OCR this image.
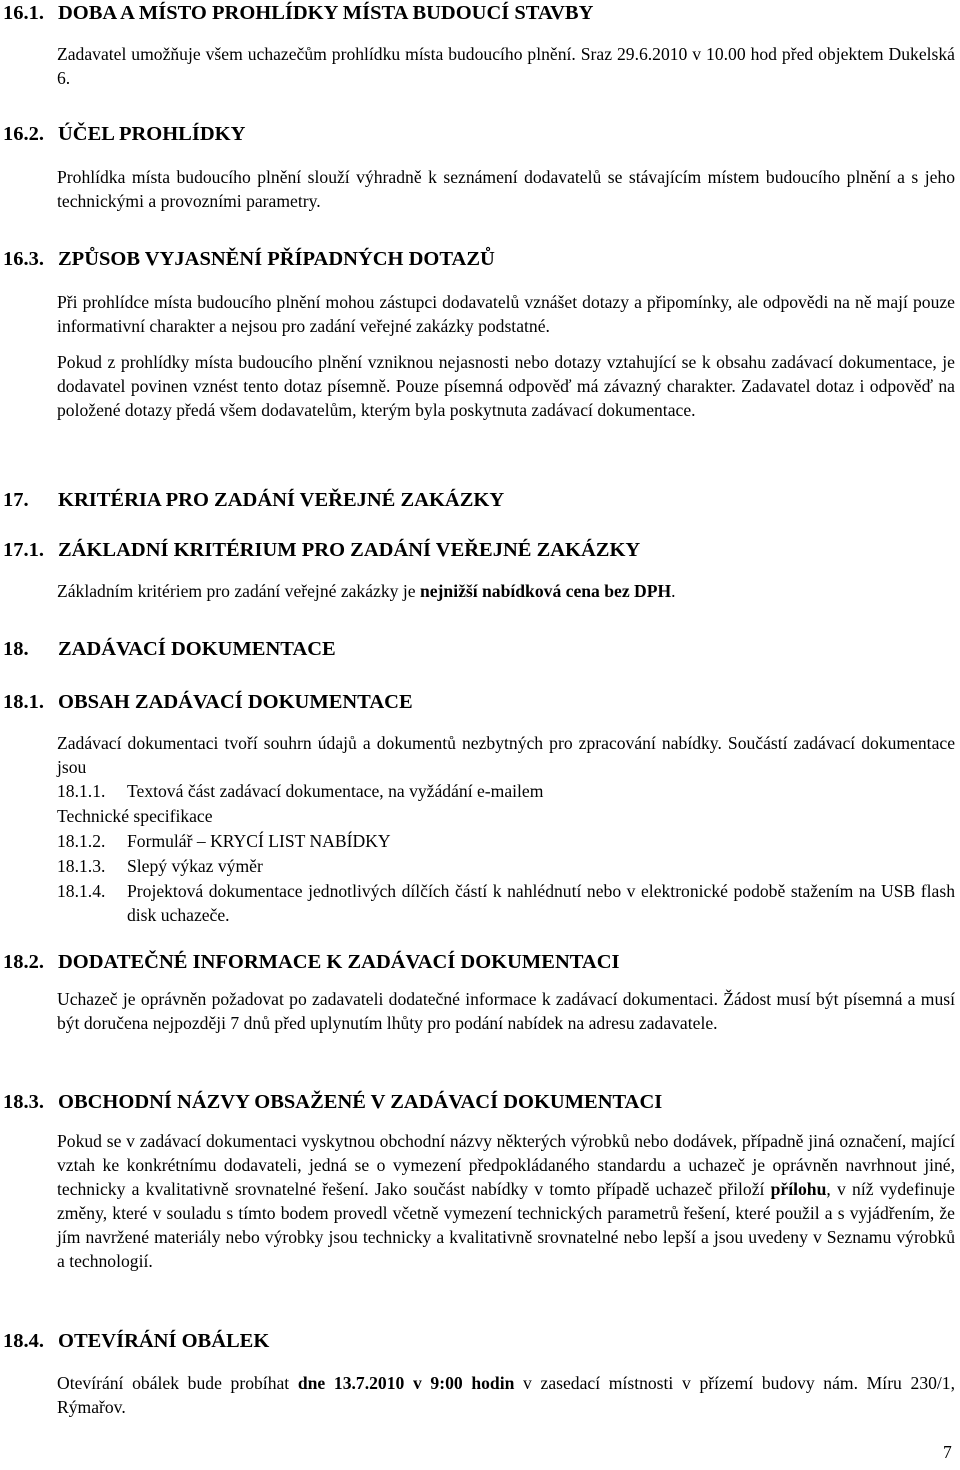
16.1. DOBA A MÍSTO PROHLÍDKY MÍSTA BUDOUCÍ STAVBY

Zadavatel umožňuje všem uchazečům prohlídku místa budoucího plnění. Sraz 29.6.2010 v 10.00 hod před objektem Dukelská 6.

16.2. ÚČEL PROHLÍDKY

Prohlídka místa budoucího plnění slouží výhradně k seznámení dodavatelů se stávajícím místem budoucího plnění a s jeho technickými a provozními parametry.

16.3. ZPŮSOB VYJASNĚNÍ PŘÍPADNÝCH DOTAZŮ

Při prohlídce místa budoucího plnění mohou zástupci dodavatelů vznášet dotazy a připomínky, ale odpovědi na ně mají pouze informativní charakter a nejsou pro zadání veřejné zakázky podstatné.

Pokud z prohlídky místa budoucího plnění vzniknou nejasnosti nebo dotazy vztahující se k obsahu zadávací dokumentace, je dodavatel povinen vznést tento dotaz písemně. Pouze písemná odpověď má závazný charakter. Zadavatel dotaz i odpověď na položené dotazy předá všem dodavatelům, kterým byla poskytnuta zadávací dokumentace.

17. KRITÉRIA PRO ZADÁNÍ VEŘEJNÉ ZAKÁZKY
17.1. ZÁKLADNÍ KRITÉRIUM PRO ZADÁNÍ VEŘEJNÉ ZAKÁZKY

Základním kritériem pro zadání veřejné zakázky je nejnižší nabídková cena bez DPH.

18. ZADÁVACÍ DOKUMENTACE
18.1. OBSAH ZADÁVACÍ DOKUMENTACE

Zadávací dokumentaci tvoří souhrn údajů a dokumentů nezbytných pro zpracování nabídky. Součástí zadávací dokumentace jsou

18.1.1.	Textová část zadávací dokumentace, na vyžádání e-mailem
Technické specifikace
18.1.2.	Formulář – KRYCÍ LIST NABÍDKY
18.1.3.	Slepý výkaz výměr
18.1.4.	Projektová dokumentace jednotlivých dílčích částí k nahlédnutí nebo v elektronické podobě stažením na USB flash disk uchazeče.
18.2. DODATEČNÉ INFORMACE K ZADÁVACÍ DOKUMENTACI

Uchazeč je oprávněn požadovat po zadavateli dodatečné informace k zadávací dokumentaci. Žádost musí být písemná a musí být doručena nejpozději 7 dnů před uplynutím lhůty pro podání nabídek na adresu zadavatele.

18.3. OBCHODNÍ NÁZVY OBSAŽENÉ V ZADÁVACÍ DOKUMENTACI

Pokud se v zadávací dokumentaci vyskytnou obchodní názvy některých výrobků nebo dodávek, případně jiná označení, mající vztah ke konkrétnímu dodavateli, jedná se o vymezení předpokládaného standardu a uchazeč je oprávněn navrhnout jiné, technicky a kvalitativně srovnatelné řešení. Jako součást nabídky v tomto případě uchazeč přiloží přílohu, v níž vydefinuje změny, které v souladu s tímto bodem provedl včetně vymezení technických parametrů řešení, které použil a s vyjádřením, že jím navržené materiály nebo výrobky jsou technicky a kvalitativně srovnatelné nebo lepší a jsou uvedeny v Seznamu výrobků a technologií.

18.4. OTEVÍRÁNÍ OBÁLEK

Otevírání obálek bude probíhat dne 13.7.2010 v 9:00 hodin v zasedací místnosti v přízemí budovy nám. Míru 230/1, Rýmařov.

7
